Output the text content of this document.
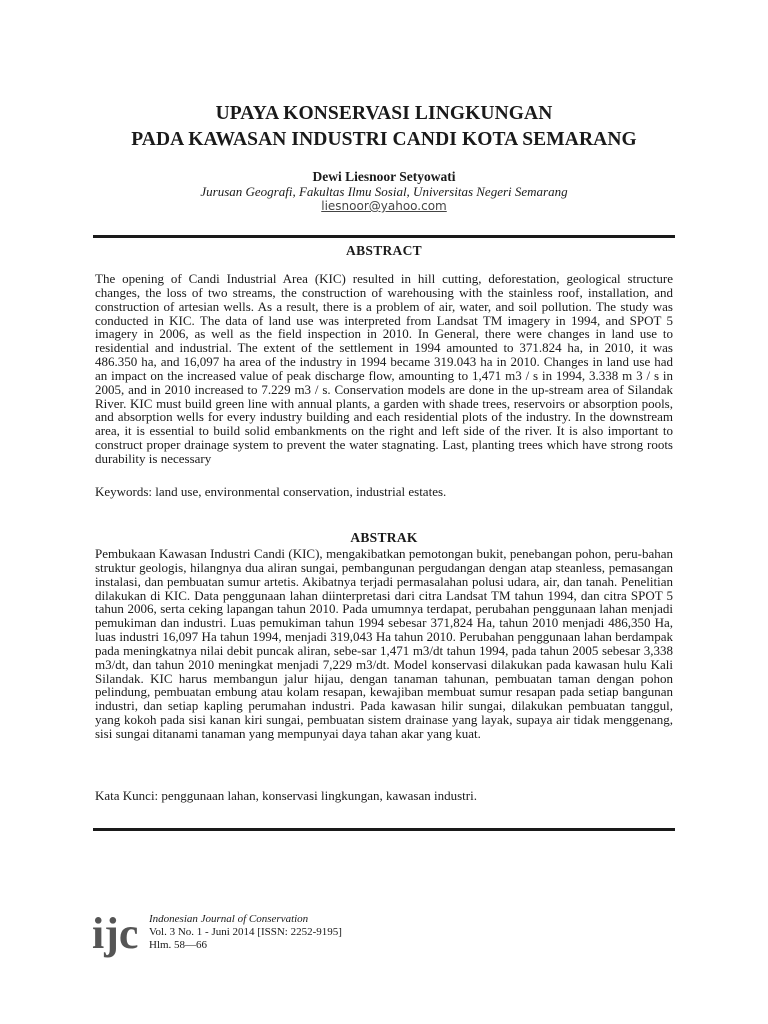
UPAYA KONSERVASI LINGKUNGAN
PADA KAWASAN INDUSTRI CANDI KOTA SEMARANG
Dewi Liesnoor Setyowati
Jurusan Geografi, Fakultas Ilmu Sosial, Universitas Negeri Semarang
liesnoor@yahoo.com
ABSTRACT
The opening of Candi Industrial Area (KIC) resulted in hill cutting, deforestation, geological structure changes, the loss of two streams, the construction of warehousing with the stainless roof, installation, and construction of artesian wells. As a result, there is a problem of air, water, and soil pollution. The study was conducted in KIC. The data of land use was interpreted from Landsat TM imagery in 1994, and SPOT 5 imagery in 2006, as well as the field inspection in 2010. In General, there were changes in land use to residential and industrial. The extent of the settlement in 1994 amounted to 371.824 ha, in 2010, it was 486.350 ha, and 16,097 ha area of the industry in 1994 became 319.043 ha in 2010. Changes in land use had an impact on the increased value of peak discharge flow, amounting to 1,471 m3 / s in 1994, 3.338 m 3 / s in 2005, and in 2010 increased to 7.229 m3 / s. Conservation models are done in the up-stream area of Silandak River. KIC must build green line with annual plants, a garden with shade trees, reservoirs or absorption pools, and absorption wells for every industry building and each residential plots of the industry. In the downstream area, it is essential to build solid embankments on the right and left side of the river. It is also important to construct proper drainage system to prevent the water stagnating. Last, planting trees which have strong roots durability is necessary
Keywords: land use, environmental conservation, industrial estates.
ABSTRAK
Pembukaan Kawasan Industri Candi (KIC), mengakibatkan pemotongan bukit, penebangan pohon, peru-bahan struktur geologis, hilangnya dua aliran sungai, pembangunan pergudangan dengan atap steanless, pemasangan instalasi, dan pembuatan sumur artetis. Akibatnya terjadi permasalahan polusi udara, air, dan tanah. Penelitian dilakukan di KIC. Data penggunaan lahan diinterpretasi dari citra Landsat TM tahun 1994, dan citra SPOT 5 tahun 2006, serta ceking lapangan tahun 2010. Pada umumnya terdapat, perubahan penggunaan lahan menjadi pemukiman dan industri. Luas pemukiman tahun 1994 sebesar 371,824 Ha, tahun 2010 menjadi 486,350 Ha, luas industri 16,097 Ha tahun 1994, menjadi 319,043 Ha tahun 2010. Perubahan penggunaan lahan berdampak pada meningkatnya nilai debit puncak aliran, sebe-sar 1,471 m3/dt tahun 1994, pada tahun 2005 sebesar 3,338 m3/dt, dan tahun 2010 meningkat menjadi 7,229 m3/dt. Model konservasi dilakukan pada kawasan hulu Kali Silandak. KIC harus membangun jalur hijau, dengan tanaman tahunan, pembuatan taman dengan pohon pelindung, pembuatan embung atau kolam resapan, kewajiban membuat sumur resapan pada setiap bangunan industri, dan setiap kapling perumahan industri. Pada kawasan hilir sungai, dilakukan pembuatan tanggul, yang kokoh pada sisi kanan kiri sungai, pembuatan sistem drainase yang layak, supaya air tidak menggenang, sisi sungai ditanami tanaman yang mempunyai daya tahan akar yang kuat.
Kata Kunci: penggunaan lahan, konservasi lingkungan, kawasan industri.
ijc Indonesian Journal of Conservation
Vol. 3 No. 1 - Juni 2014 [ISSN: 2252-9195]
Hlm. 58—66
